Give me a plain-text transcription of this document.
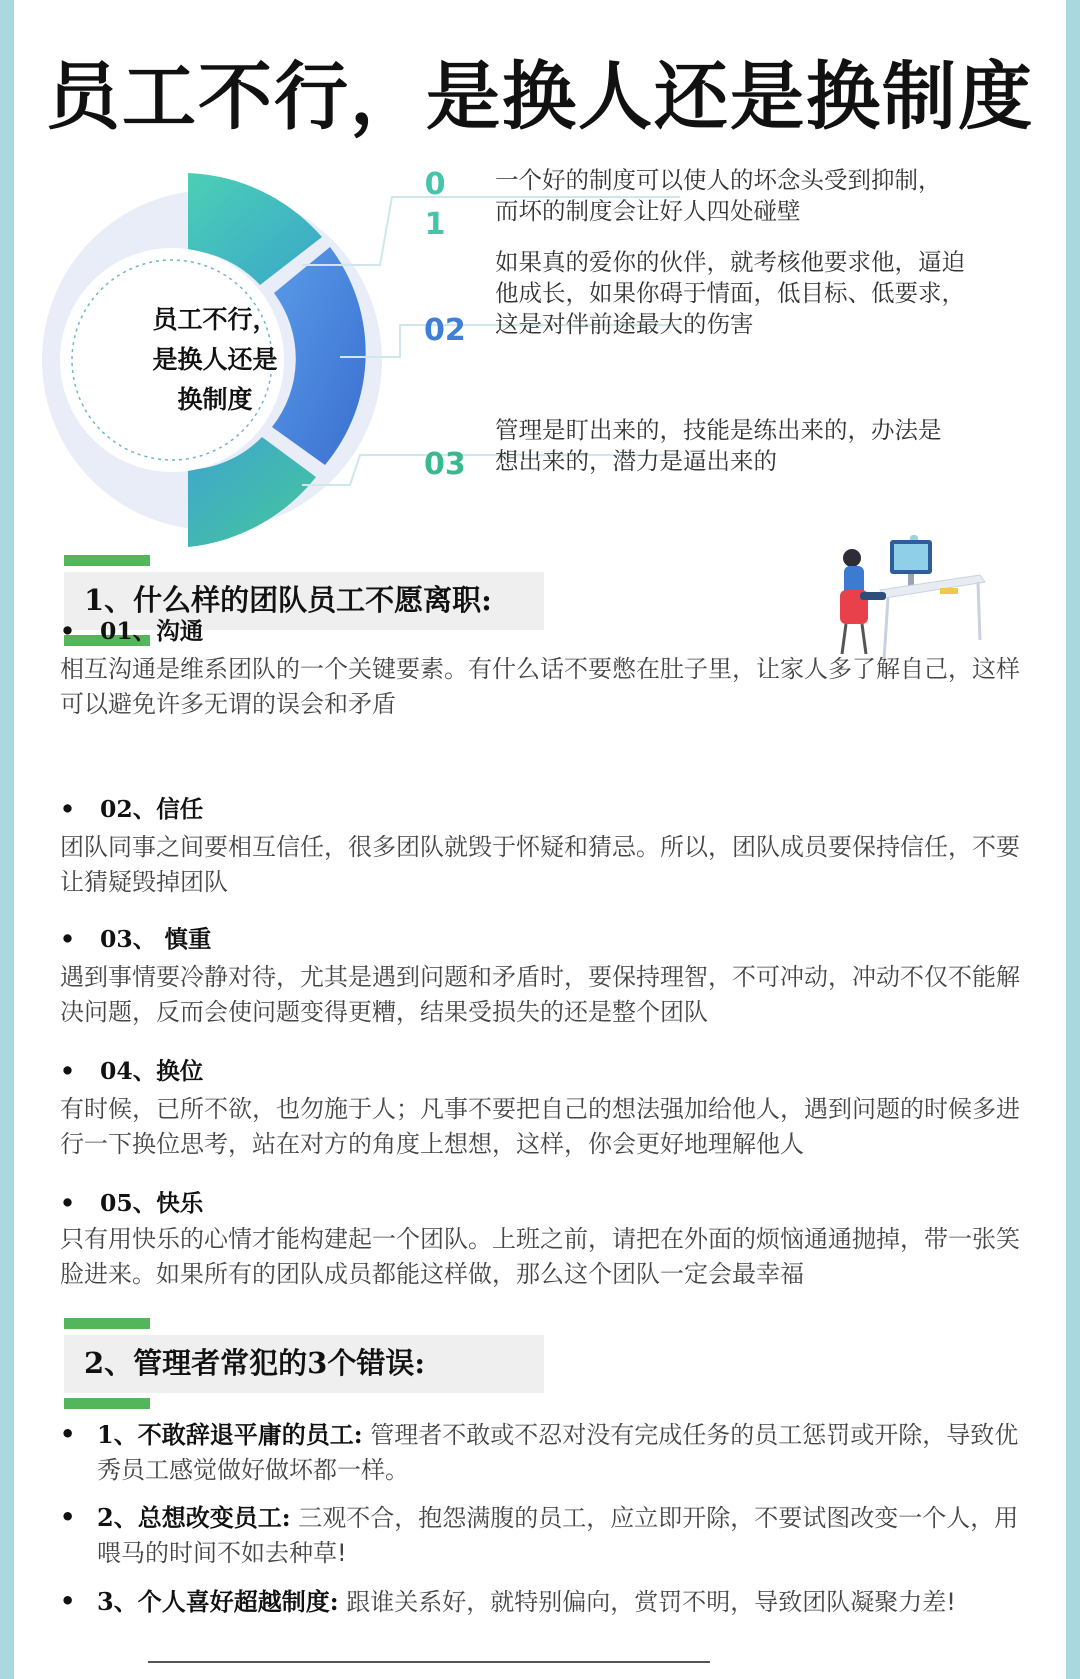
员工不行，是换人还是换制度
员工不行，
是换人还是
换制度
0
1
02
03
一个好的制度可以使人的坏念头受到抑制，
而坏的制度会让好人四处碰壁
如果真的爱你的伙伴，就考核他要求他，逼迫
他成长，如果你碍于情面，低目标、低要求，
这是对伴前途最大的伤害
管理是盯出来的，技能是练出来的，办法是
想出来的，潜力是逼出来的
1、什么样的团队员工不愿离职:
• 01、沟通
相互沟通是维系团队的一个关键要素。有什么话不要憋在肚子里，让家人多了解自己，这样可以避免许多无谓的误会和矛盾
• 02、信任
团队同事之间要相互信任，很多团队就毁于怀疑和猜忌。所以，团队成员要保持信任，不要让猜疑毁掉团队
• 03、 慎重
遇到事情要冷静对待，尤其是遇到问题和矛盾时，要保持理智，不可冲动，冲动不仅不能解决问题，反而会使问题变得更糟，结果受损失的还是整个团队
• 04、换位
有时候，已所不欲，也勿施于人；凡事不要把自己的想法强加给他人，遇到问题的时候多进行一下换位思考，站在对方的角度上想想，这样，你会更好地理解他人
• 05、快乐
只有用快乐的心情才能构建起一个团队。上班之前，请把在外面的烦恼通通抛掉，带一张笑脸进来。如果所有的团队成员都能这样做，那么这个团队一定会最幸福
2、管理者常犯的3个错误:
• 1、不敢辞退平庸的员工: 管理者不敢或不忍对没有完成任务的员工惩罚或开除，导致优秀员工感觉做好做坏都一样。
• 2、总想改变员工: 三观不合，抱怨满腹的员工，应立即开除，不要试图改变一个人，用喂马的时间不如去种草!
• 3、个人喜好超越制度: 跟谁关系好，就特别偏向，赏罚不明，导致团队凝聚力差!
